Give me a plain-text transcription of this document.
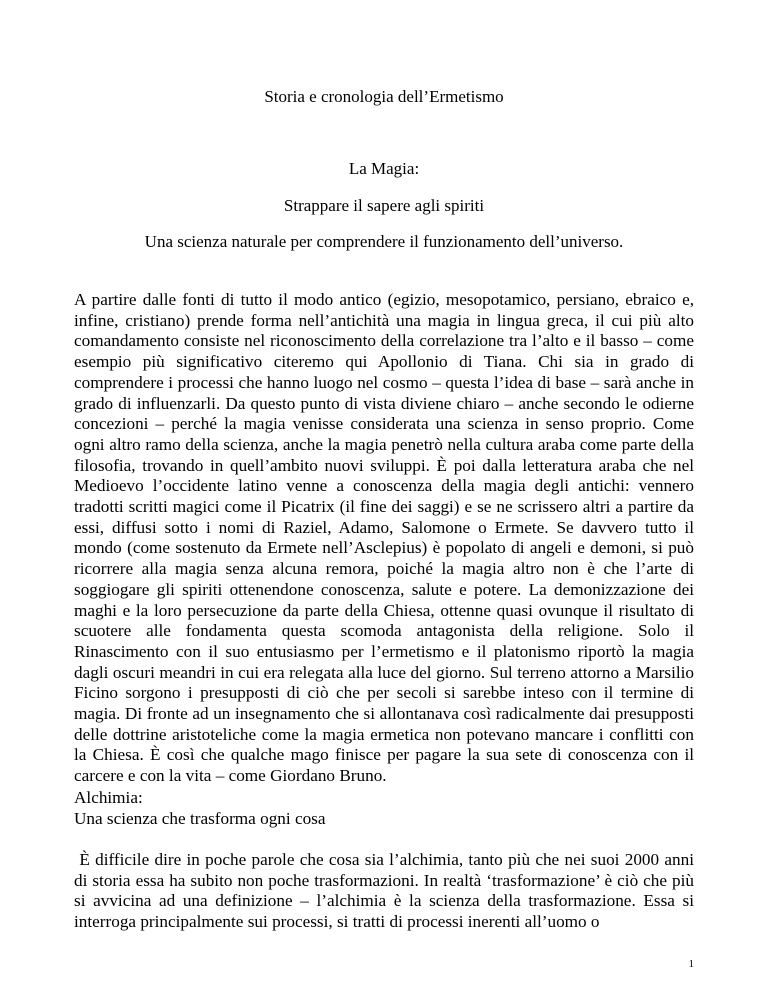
Storia e cronologia dell’Ermetismo
La Magia:
Strappare il sapere agli spiriti
Una scienza naturale per comprendere il funzionamento dell’universo.

A partire dalle fonti di tutto il modo antico (egizio, mesopotamico, persiano, ebraico e, infine, cristiano) prende forma nell’antichità una magia in lingua greca, il cui più alto comandamento consiste nel riconoscimento della correlazione tra l’alto e il basso – come esempio più significativo citeremo qui Apollonio di Tiana. Chi sia in grado di comprendere i processi che hanno luogo nel cosmo – questa l’idea di base – sarà anche in grado di influenzarli. Da questo punto di vista diviene chiaro – anche secondo le odierne concezioni – perché la magia venisse considerata una scienza in senso proprio. Come ogni altro ramo della scienza, anche la magia penetrò nella cultura araba come parte della filosofia, trovando in quell’ambito nuovi sviluppi. È poi dalla letteratura araba che nel Medioevo l’occidente latino venne a conoscenza della magia degli antichi: vennero tradotti scritti magici come il Picatrix (il fine dei saggi) e se ne scrissero altri a partire da essi, diffusi sotto i nomi di Raziel, Adamo, Salomone o Ermete. Se davvero tutto il mondo (come sostenuto da Ermete nell’Asclepius) è popolato di angeli e demoni, si può ricorrere alla magia senza alcuna remora, poiché la magia altro non è che l’arte di soggiogare gli spiriti ottenendone conoscenza, salute e potere. La demonizzazione dei maghi e la loro persecuzione da parte della Chiesa, ottenne quasi ovunque il risultato di scuotere alle fondamenta questa scomoda antagonista della religione. Solo il Rinascimento con il suo entusiasmo per l’ermetismo e il platonismo riportò la magia dagli oscuri meandri in cui era relegata alla luce del giorno. Sul terreno attorno a Marsilio Ficino sorgono i presupposti di ciò che per secoli si sarebbe inteso con il termine di magia. Di fronte ad un insegnamento che si allontanava così radicalmente dai presupposti delle dottrine aristoteliche come la magia ermetica non potevano mancare i conflitti con la Chiesa. È così che qualche mago finisce per pagare la sua sete di conoscenza con il carcere e con la vita – come Giordano Bruno.

Alchimia:
Una scienza che trasforma ogni cosa

È difficile dire in poche parole che cosa sia l’alchimia, tanto più che nei suoi 2000 anni di storia essa ha subito non poche trasformazioni. In realtà ‘trasformazione’ è ciò che più si avvicina ad una definizione – l’alchimia è la scienza della trasformazione. Essa si interroga principalmente sui processi, si tratti di processi inerenti all’uomo o

1
